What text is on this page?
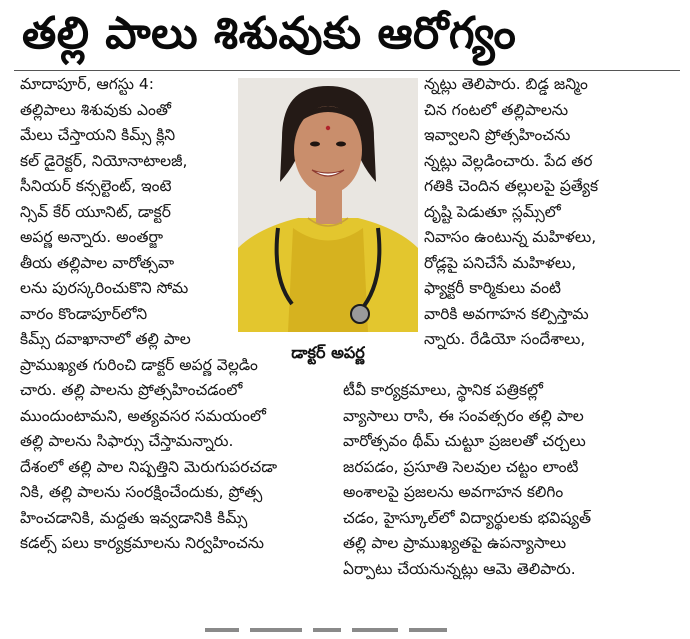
తల్లి పాలు శిశువుకు ఆరోగ్యం
మాదాపూర్, ఆగస్టు 4:
తల్లిపాలు శిశువుకు ఎంతో
మేలు చేస్తాయని కిమ్స్ క్లిని
కల్ డైరెక్టర్, నియోనాటాలజీ,
సీనియర్ కన్సల్టెంట్, ఇంటె
న్సివ్ కేర్ యూనిట్, డాక్టర్
అపర్ణ అన్నారు. అంతర్జా
తీయ తల్లిపాల వారోత్సవా
లను పురస్కరించుకొని సోమ
వారం కొండాపూర్‌లోని
కిమ్స్ దవాఖానాలో తల్లి పాల
ప్రాముఖ్యత గురించి డాక్టర్ అపర్ణ వెల్లడిం
చారు. తల్లి పాలను ప్రోత్సహించడంలో
ముందుంటామని, అత్యవసర సమయంలో
తల్లి పాలను సిఫార్సు చేస్తామన్నారు.
దేశంలో తల్లి పాల నిష్పత్తిని మెరుగుపరచడా
నికి, తల్లి పాలను సంరక్షించేందుకు, ప్రోత్స
హించడానికి, మద్దతు ఇవ్వడానికి కిమ్స్
కడల్స్ పలు కార్యక్రమాలను నిర్వహించను
డాక్టర్ అపర్ణ
న్నట్లు తెలిపారు. బిడ్డ జన్మిం
చిన గంటలో తల్లిపాలను
ఇవ్వాలని ప్రోత్సహించను
న్నట్లు వెల్లడించారు. పేద తర
గతికి చెందిన తల్లులపై ప్రత్యేక
దృష్టి పెడుతూ స్లమ్స్‌లో
నివాసం ఉంటున్న మహిళలు,
రోడ్లపై పనిచేసే మహిళలు,
ఫ్యాక్టరీ కార్మికులు వంటి
వారికి అవగాహన కల్పిస్తామ
న్నారు. రేడియో సందేశాలు,
టీవీ కార్యక్రమాలు, స్థానిక పత్రికల్లో
వ్యాసాలు రాసి, ఈ సంవత్సరం తల్లి పాల
వారోత్సవం థీమ్ చుట్టూ ప్రజలతో చర్చలు
జరపడం, ప్రసూతి సెలవుల చట్టం లాంటి
అంశాలపై ప్రజలను అవగాహన కలిగిం
చడం, హైస్కూల్‌లో విద్యార్థులకు భవిష్యత్
తల్లి పాల ప్రాముఖ్యతపై ఉపన్యాసాలు
ఏర్పాటు చేయనున్నట్లు ఆమె తెలిపారు.
